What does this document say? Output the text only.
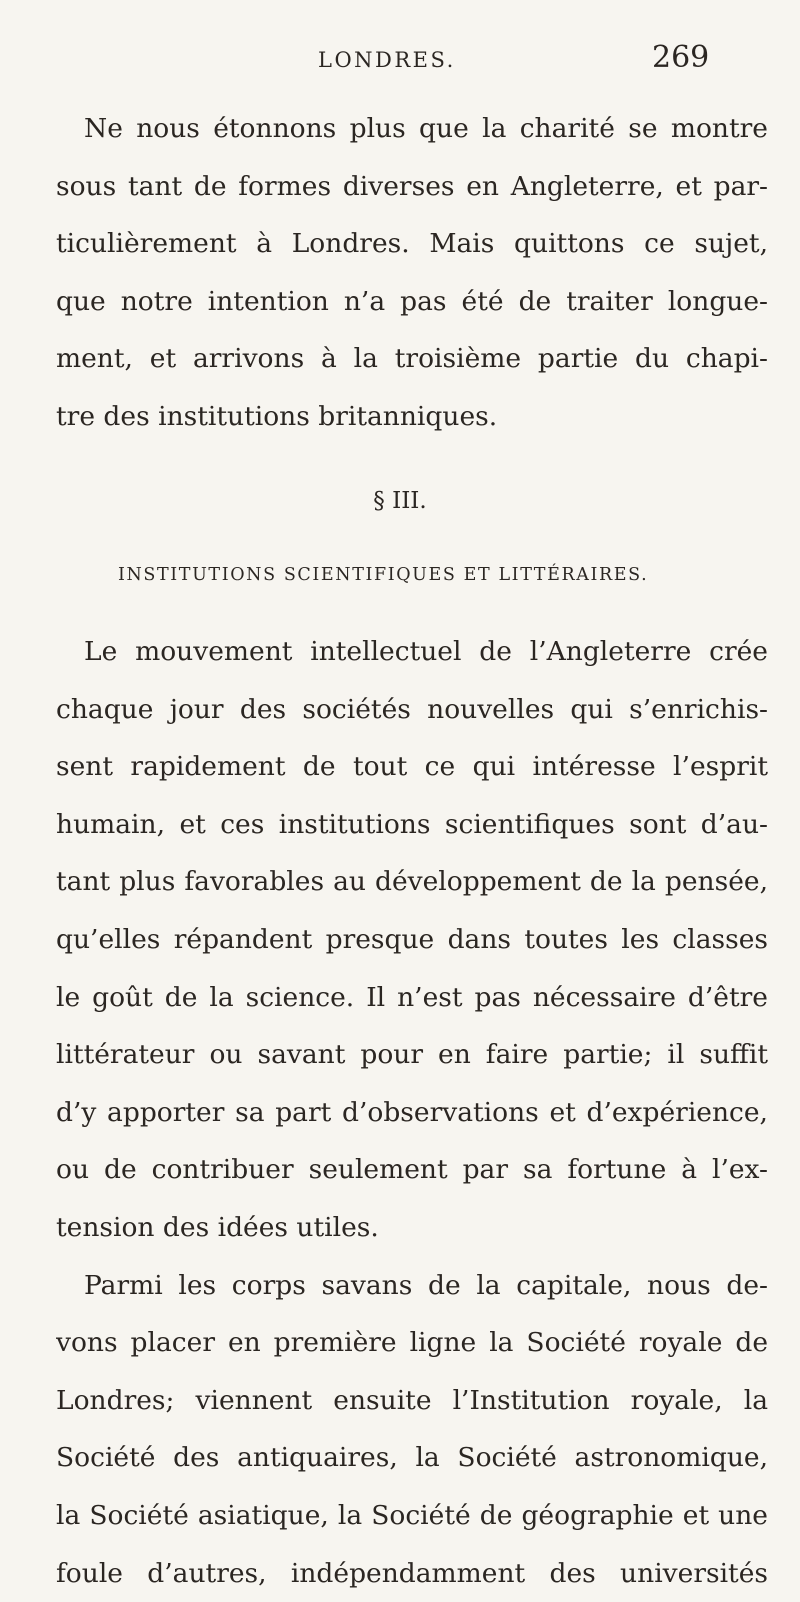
LONDRES.	269
Ne nous étonnons plus que la charité se montre
sous tant de formes diverses en Angleterre, et par-
ticulièrement à Londres. Mais quittons ce sujet,
que notre intention n’a pas été de traiter longue-
ment, et arrivons à la troisième partie du chapi-
tre des institutions britanniques.
§ III.
INSTITUTIONS SCIENTIFIQUES ET LITTÉRAIRES.
Le mouvement intellectuel de l’Angleterre crée
chaque jour des sociétés nouvelles qui s’enrichis-
sent rapidement de tout ce qui intéresse l’esprit
humain, et ces institutions scientifiques sont d’au-
tant plus favorables au développement de la pensée,
qu’elles répandent presque dans toutes les classes
le goût de la science. Il n’est pas nécessaire d’être
littérateur ou savant pour en faire partie; il suffit
d’y apporter sa part d’observations et d’expérience,
ou de contribuer seulement par sa fortune à l’ex-
tension des idées utiles.
Parmi les corps savans de la capitale, nous de-
vons placer en première ligne la Société royale de
Londres; viennent ensuite l’Institution royale, la
Société des antiquaires, la Société astronomique,
la Société asiatique, la Société de géographie et une
foule d’autres, indépendamment des universités
